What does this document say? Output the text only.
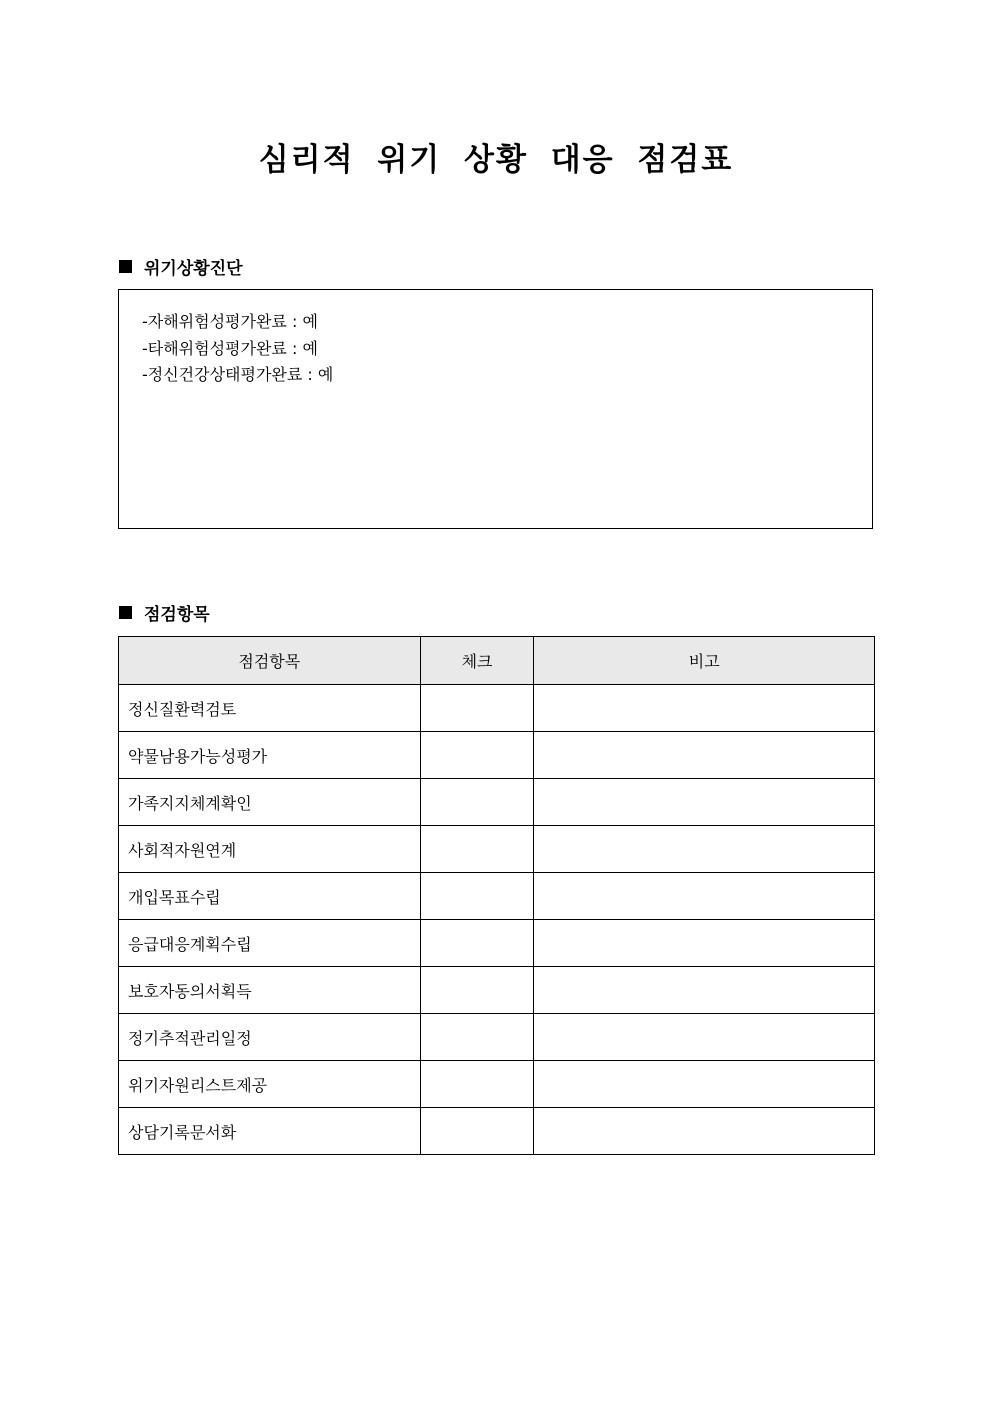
심리적 위기 상황 대응 점검표
위기상황진단
-자해위험성평가완료 : 예
-타해위험성평가완료 : 예
-정신건강상태평가완료 : 예
점검항목
점검항목	체크	비고
정신질환력검토		
약물남용가능성평가		
가족지지체계확인		
사회적자원연계		
개입목표수립		
응급대응계획수립		
보호자동의서획득		
정기추적관리일정		
위기자원리스트제공		
상담기록문서화		
